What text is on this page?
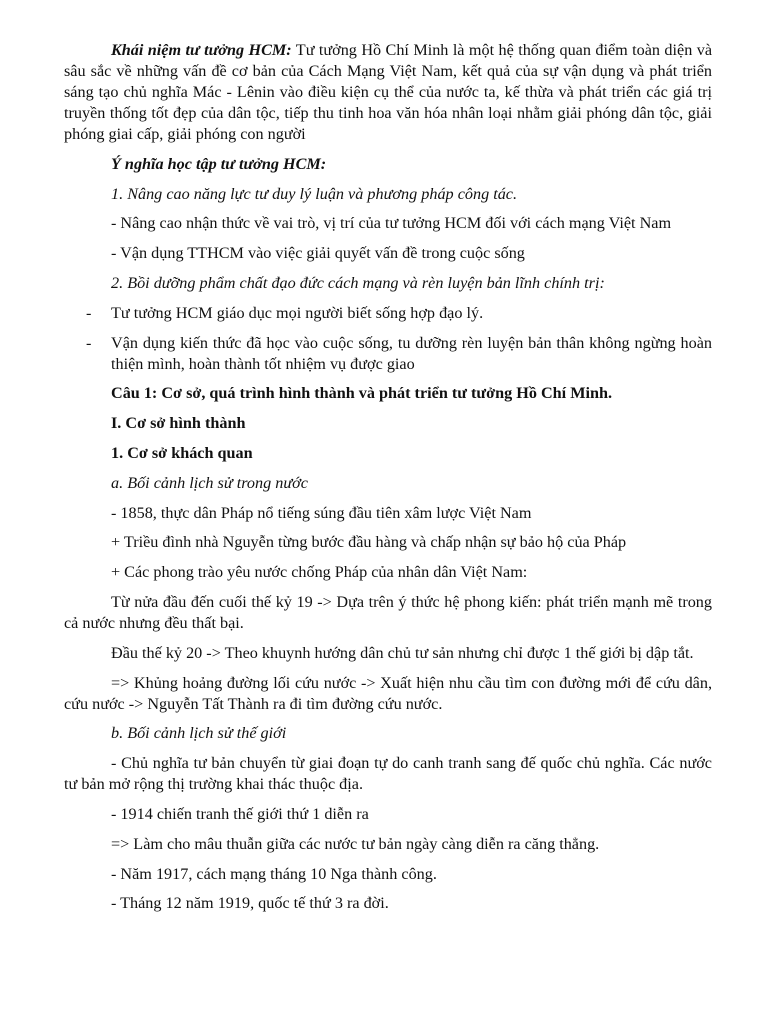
Khái niệm tư tưởng HCM: Tư tưởng Hồ Chí Minh là một hệ thống quan điểm toàn diện và sâu sắc về những vấn đề cơ bản của Cách Mạng Việt Nam, kết quả của sự vận dụng và phát triển sáng tạo chủ nghĩa Mác - Lênin vào điều kiện cụ thể của nước ta, kế thừa và phát triển các giá trị truyền thống tốt đẹp của dân tộc, tiếp thu tinh hoa văn hóa nhân loại nhằm giải phóng dân tộc, giải phóng giai cấp, giải phóng con người

Ý nghĩa học tập tư tưởng HCM:

1. Nâng cao năng lực tư duy lý luận và phương pháp công tác.

- Nâng cao nhận thức về vai trò, vị trí của tư tưởng HCM đối với cách mạng Việt Nam

- Vận dụng TTHCM vào việc giải quyết vấn đề trong cuộc sống

2. Bồi dưỡng phẩm chất đạo đức cách mạng và rèn luyện bản lĩnh chính trị:

-	Tư tưởng HCM giáo dục mọi người biết sống hợp đạo lý.
-	Vận dụng kiến thức đã học vào cuộc sống, tu dưỡng rèn luyện bản thân không ngừng hoàn thiện mình, hoàn thành tốt nhiệm vụ được giao

Câu 1: Cơ sở, quá trình hình thành và phát triển tư tưởng Hồ Chí Minh.

I. Cơ sở hình thành

1. Cơ sở khách quan

a. Bối cảnh lịch sử trong nước

- 1858, thực dân Pháp nổ tiếng súng đầu tiên xâm lược Việt Nam

+ Triều đình nhà Nguyễn từng bước đầu hàng và chấp nhận sự bảo hộ của Pháp

+ Các phong trào yêu nước chống Pháp của nhân dân Việt Nam:

Từ nửa đầu đến cuối thế kỷ 19 -> Dựa trên ý thức hệ phong kiến: phát triển mạnh mẽ trong cả nước nhưng đều thất bại.

Đầu thế kỷ 20 -> Theo khuynh hướng dân chủ tư sản nhưng chỉ được 1 thế giới bị dập tắt.

=> Khủng hoảng đường lối cứu nước -> Xuất hiện nhu cầu tìm con đường mới để cứu dân, cứu nước -> Nguyễn Tất Thành ra đi tìm đường cứu nước.

b. Bối cảnh lịch sử thế giới

- Chủ nghĩa tư bản chuyển từ giai đoạn tự do canh tranh sang đế quốc chủ nghĩa. Các nước tư bản mở rộng thị trường khai thác thuộc địa.

- 1914 chiến tranh thế giới thứ 1 diễn ra

=> Làm cho mâu thuẫn giữa các nước tư bản ngày càng diễn ra căng thẳng.

- Năm 1917, cách mạng tháng 10 Nga thành công.

- Tháng 12 năm 1919, quốc tế thứ 3 ra đời.
